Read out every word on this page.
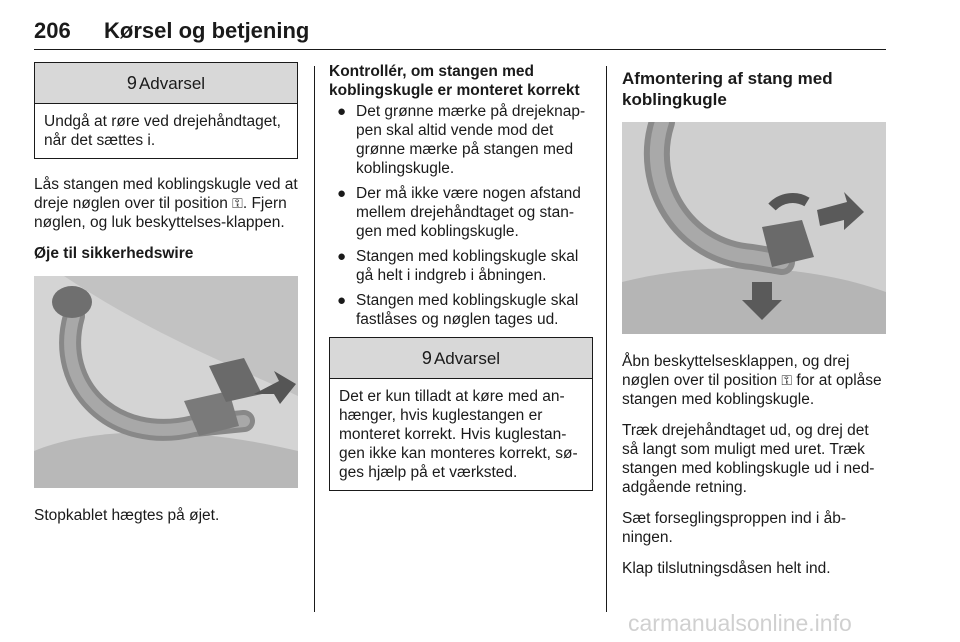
206 Kørsel og betjening
9 Advarsel
Undgå at røre ved drejehåndtaget, når det sættes i.

Lås stangen med koblingskugle ved at dreje nøglen over til position ⚿. Fjern nøglen, og luk beskyttelses-klappen.

Øje til sikkerhedswire

Stopkablet hægtes på øjet.

Kontrollér, om stangen med koblingskugle er monteret korrekt
● Det grønne mærke på drejeknap-pen skal altid vende mod det grønne mærke på stangen med koblingskugle.
● Der må ikke være nogen afstand mellem drejehåndtaget og stan-gen med koblingskugle.
● Stangen med koblingskugle skal gå helt i indgreb i åbningen.
● Stangen med koblingskugle skal fastlåses og nøglen tages ud.
9 Advarsel
Det er kun tilladt at køre med an-hænger, hvis kuglestangen er monteret korrekt. Hvis kuglestan-gen ikke kan monteres korrekt, sø-ges hjælp på et værksted.
Afmontering af stang med koblingkugle

Åbn beskyttelsesklappen, og drej nøglen over til position ⚿ for at oplåse stangen med koblingskugle.

Træk drejehåndtaget ud, og drej det så langt som muligt med uret. Træk stangen med koblingskugle ud i ned-adgående retning.

Sæt forseglingsproppen ind i åb-ningen.

Klap tilslutningsdåsen helt ind.

carmanualsonline.info
